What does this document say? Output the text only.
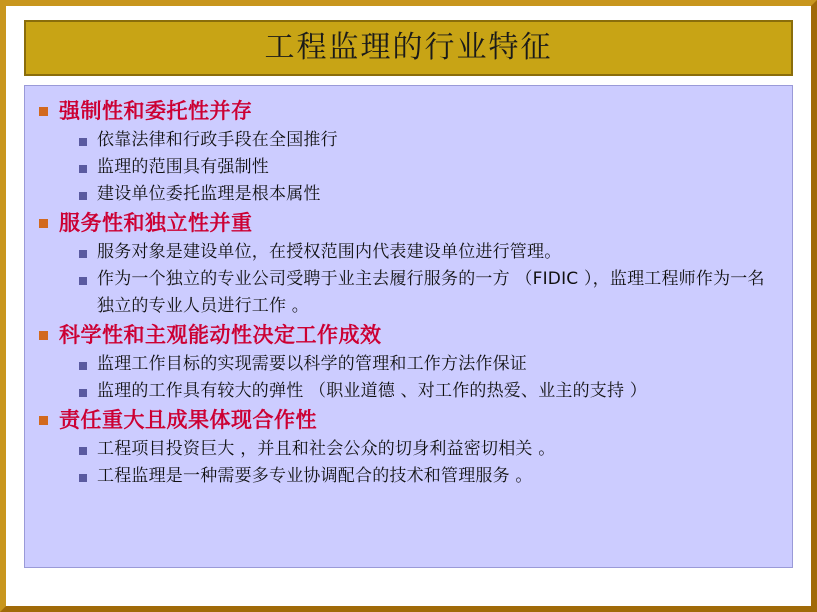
工程监理的行业特征
强制性和委托性并存
依靠法律和行政手段在全国推行
监理的范围具有强制性
建设单位委托监理是根本属性
服务性和独立性并重
服务对象是建设单位，在授权范围内代表建设单位进行管理。
作为一个独立的专业公司受聘于业主去履行服务的一方 （FIDIC ），监理工程师作为一名独立的专业人员进行工作 。
科学性和主观能动性决定工作成效
监理工作目标的实现需要以科学的管理和工作方法作保证
监理的工作具有较大的弹性 （职业道德 、对工作的热爱、业主的支持 ）
责任重大且成果体现合作性
工程项目投资巨大 ，并且和社会公众的切身利益密切相关 。
工程监理是一种需要多专业协调配合的技术和管理服务 。
